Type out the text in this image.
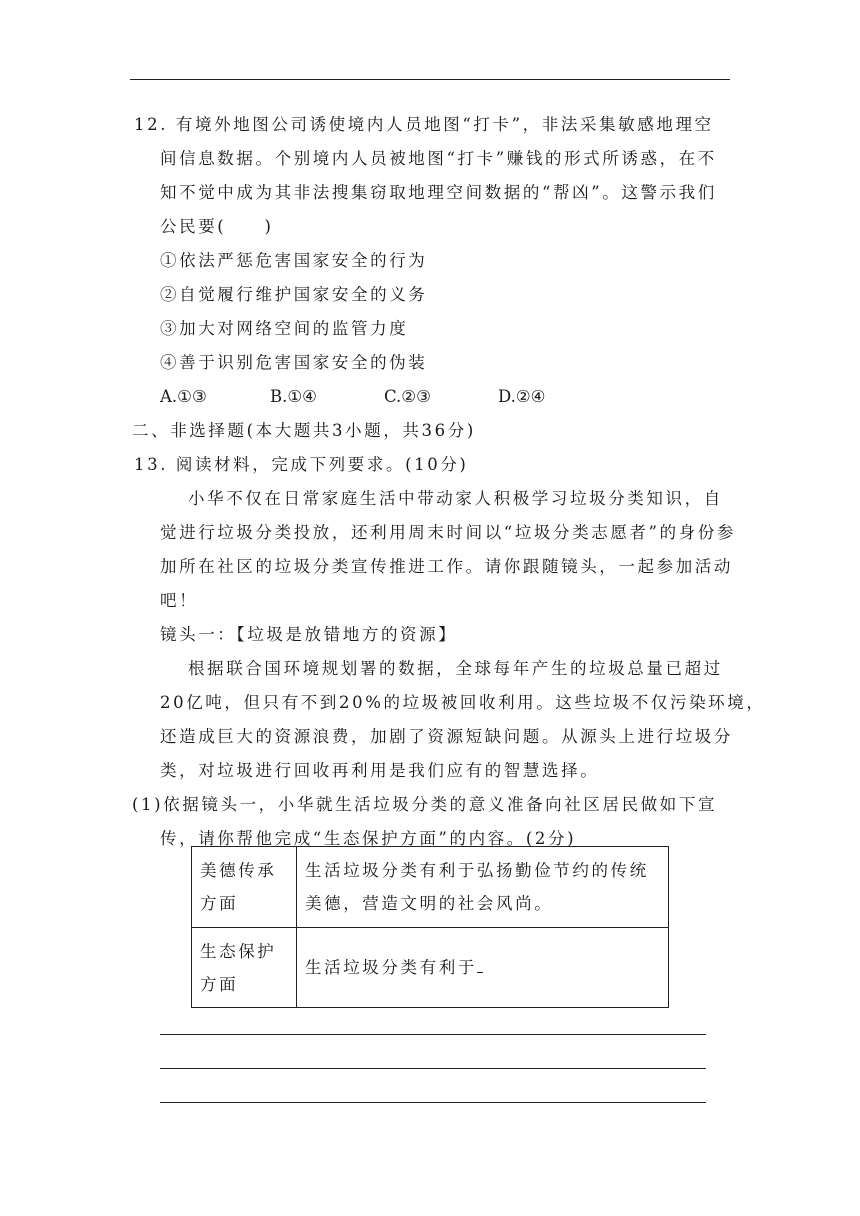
12. 有境外地图公司诱使境内人员地图“打卡”，非法采集敏感地理空
间信息数据。个别境内人员被地图“打卡”赚钱的形式所诱惑，在不
知不觉中成为其非法搜集窃取地理空间数据的“帮凶”。这警示我们
公民要(　　)
①依法严惩危害国家安全的行为
②自觉履行维护国家安全的义务
③加大对网络空间的监管力度
④善于识别危害国家安全的伪装
A.①③	B.①④	C.②③	D.②④
二、非选择题(本大题共3小题，共36分)
13. 阅读材料，完成下列要求。(10分)
小华不仅在日常家庭生活中带动家人积极学习垃圾分类知识，自
觉进行垃圾分类投放，还利用周末时间以“垃圾分类志愿者”的身份参
加所在社区的垃圾分类宣传推进工作。请你跟随镜头，一起参加活动
吧！
镜头一：【垃圾是放错地方的资源】
根据联合国环境规划署的数据，全球每年产生的垃圾总量已超过
20亿吨，但只有不到20%的垃圾被回收利用。这些垃圾不仅污染环境，
还造成巨大的资源浪费，加剧了资源短缺问题。从源头上进行垃圾分
类，对垃圾进行回收再利用是我们应有的智慧选择。
(1)依据镜头一，小华就生活垃圾分类的意义准备向社区居民做如下宣
传，请你帮他完成“生态保护方面”的内容。(2分)
美德传承
方面	生活垃圾分类有利于弘扬勤俭节约的传统
美德，营造文明的社会风尚。

生态保护
方面	生活垃圾分类有利于
